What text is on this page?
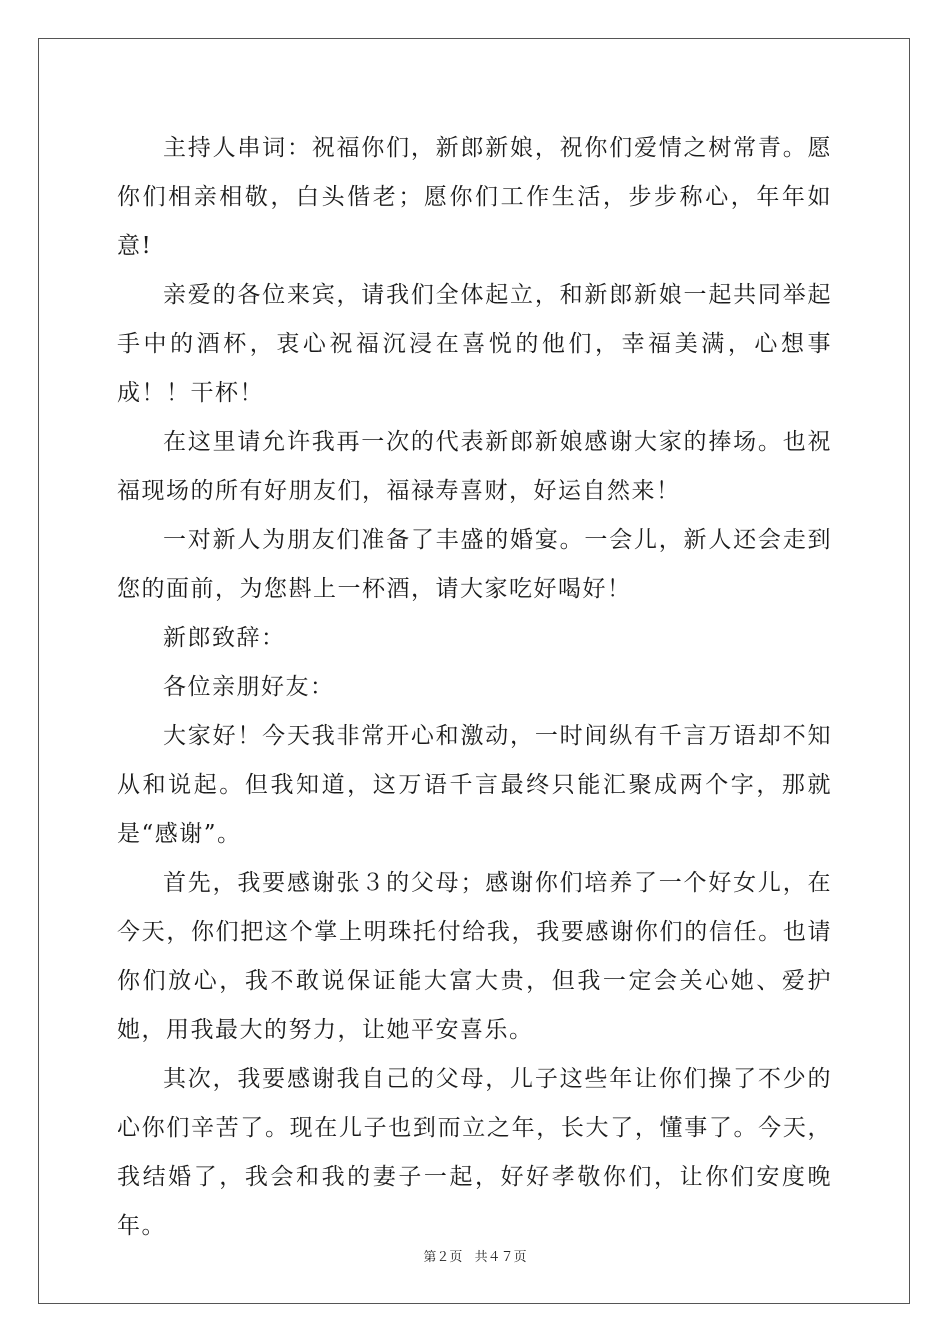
主持人串词：祝福你们，新郎新娘，祝你们爱情之树常青。愿你们相亲相敬，白头偕老；愿你们工作生活，步步称心，年年如意!

亲爱的各位来宾，请我们全体起立，和新郎新娘一起共同举起手中的酒杯，衷心祝福沉浸在喜悦的他们，幸福美满，心想事成！！干杯！

在这里请允许我再一次的代表新郎新娘感谢大家的捧场。也祝福现场的所有好朋友们，福禄寿喜财，好运自然来！

一对新人为朋友们准备了丰盛的婚宴。一会儿，新人还会走到您的面前，为您斟上一杯酒，请大家吃好喝好！

新郎致辞：

各位亲朋好友：

大家好！今天我非常开心和激动，一时间纵有千言万语却不知从和说起。但我知道，这万语千言最终只能汇聚成两个字，那就是“感谢”。

首先，我要感谢张３的父母；感谢你们培养了一个好女儿，在今天，你们把这个掌上明珠托付给我，我要感谢你们的信任。也请你们放心，我不敢说保证能大富大贵，但我一定会关心她、爱护她，用我最大的努力，让她平安喜乐。

其次，我要感谢我自己的父母，儿子这些年让你们操了不少的心你们辛苦了。现在儿子也到而立之年，长大了，懂事了。今天，我结婚了，我会和我的妻子一起，好好孝敬你们，让你们安度晚年。

第２页 共４７页
